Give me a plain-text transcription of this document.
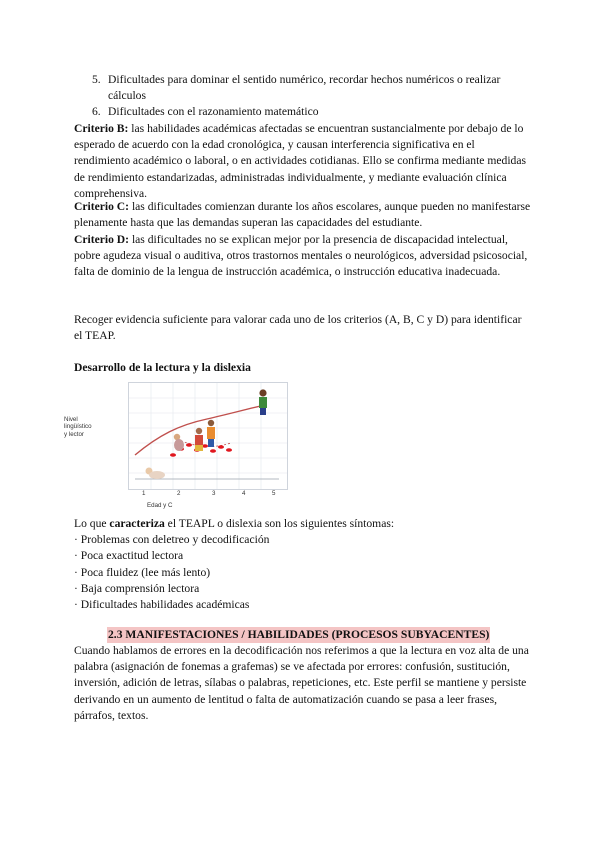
5. Dificultades para dominar el sentido numérico, recordar hechos numéricos o realizar cálculos
6. Dificultades con el razonamiento matemático
Criterio B: las habilidades académicas afectadas se encuentran sustancialmente por debajo de lo esperado de acuerdo con la edad cronológica, y causan interferencia significativa en el rendimiento académico o laboral, o en actividades cotidianas. Ello se confirma mediante medidas de rendimiento estandarizadas, administradas individualmente, y mediante evaluación clínica comprehensiva.
Criterio C: las dificultades comienzan durante los años escolares, aunque pueden no manifestarse plenamente hasta que las demandas superan las capacidades del estudiante.
Criterio D: las dificultades no se explican mejor por la presencia de discapacidad intelectual, pobre agudeza visual o auditiva, otros trastornos mentales o neurológicos, adversidad psicosocial, falta de dominio de la lengua de instrucción académica, o instrucción educativa inadecuada.
Recoger evidencia suficiente para valorar cada uno de los criterios (A, B, C y D) para identificar el TEAP.
Desarrollo de la lectura y la dislexia
Nivel
lingüístico
y lector
1	2	3	4	5
Edad y C
Lo que caracteriza el TEAPL o dislexia son los siguientes síntomas:
· Problemas con deletreo y decodificación
· Poca exactitud lectora
· Poca fluidez (lee más lento)
· Baja comprensión lectora
· Dificultades habilidades académicas
2.3 MANIFESTACIONES / HABILIDADES (PROCESOS SUBYACENTES)
Cuando hablamos de errores en la decodificación nos referimos a que la lectura en voz alta de una palabra (asignación de fonemas a grafemas) se ve afectada por errores: confusión, sustitución, inversión, adición de letras, sílabas o palabras, repeticiones, etc. Este perfil se mantiene y persiste derivando en un aumento de lentitud o falta de automatización cuando se pasa a leer frases, párrafos, textos.
